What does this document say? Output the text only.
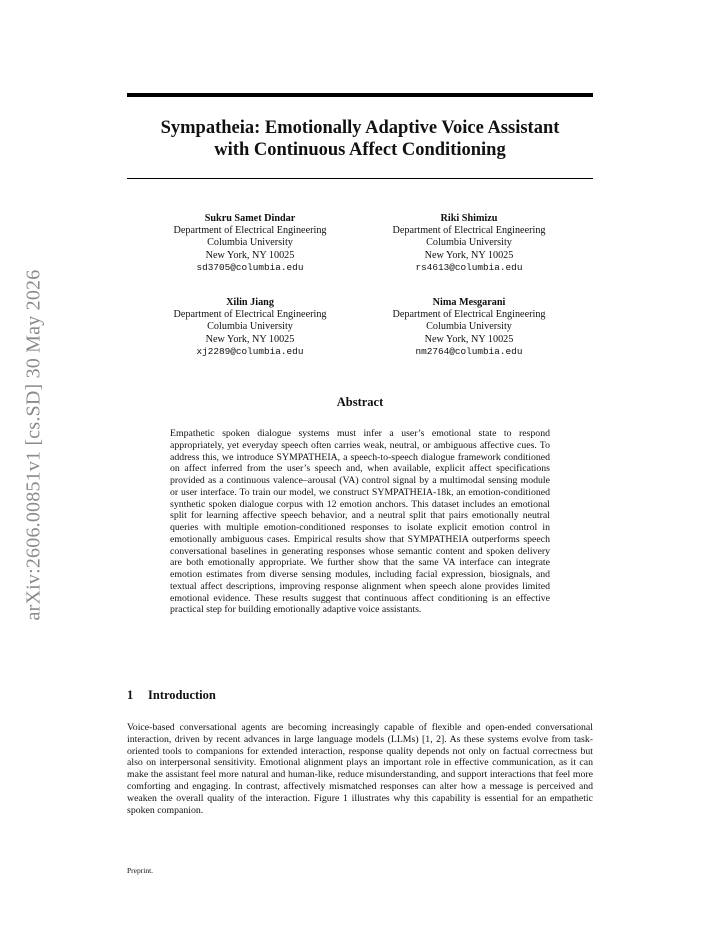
arXiv:2606.00851v1 [cs.SD] 30 May 2026
Sympatheia: Emotionally Adaptive Voice Assistant
with Continuous Affect Conditioning
Sukru Samet Dindar
Department of Electrical Engineering
Columbia University
New York, NY 10025
sd3705@columbia.edu
Riki Shimizu
Department of Electrical Engineering
Columbia University
New York, NY 10025
rs4613@columbia.edu
Xilin Jiang
Department of Electrical Engineering
Columbia University
New York, NY 10025
xj2289@columbia.edu
Nima Mesgarani
Department of Electrical Engineering
Columbia University
New York, NY 10025
nm2764@columbia.edu
Abstract

Empathetic spoken dialogue systems must infer a user’s emotional state to respond appropriately, yet everyday speech often carries weak, neutral, or ambiguous affective cues. To address this, we introduce SYMPATHEIA, a speech-to-speech dialogue framework conditioned on affect inferred from the user’s speech and, when available, explicit affect specifications provided as a continuous valence–arousal (VA) control signal by a multimodal sensing module or user interface. To train our model, we construct SYMPATHEIA-18k, an emotion-conditioned synthetic spoken dialogue corpus with 12 emotion anchors. This dataset includes an emotional split for learning affective speech behavior, and a neutral split that pairs emotionally neutral queries with multiple emotion-conditioned responses to isolate explicit emotion control in emotionally ambiguous cases. Empirical results show that SYMPATHEIA outperforms speech conversational baselines in generating responses whose semantic content and spoken delivery are both emotionally appropriate. We further show that the same VA interface can integrate emotion estimates from diverse sensing modules, including facial expression, biosignals, and textual affect descriptions, improving response alignment when speech alone provides limited emotional evidence. These results suggest that continuous affect conditioning is an effective practical step for building emotionally adaptive voice assistants.

1 Introduction

Voice-based conversational agents are becoming increasingly capable of flexible and open-ended conversational interaction, driven by recent advances in large language models (LLMs) [1, 2]. As these systems evolve from task-oriented tools to companions for extended interaction, response quality depends not only on factual correctness but also on interpersonal sensitivity. Emotional alignment plays an important role in effective communication, as it can make the assistant feel more natural and human-like, reduce misunderstanding, and support interactions that feel more comforting and engaging. In contrast, affectively mismatched responses can alter how a message is perceived and weaken the overall quality of the interaction. Figure 1 illustrates why this capability is essential for an empathetic spoken companion.

Preprint.
